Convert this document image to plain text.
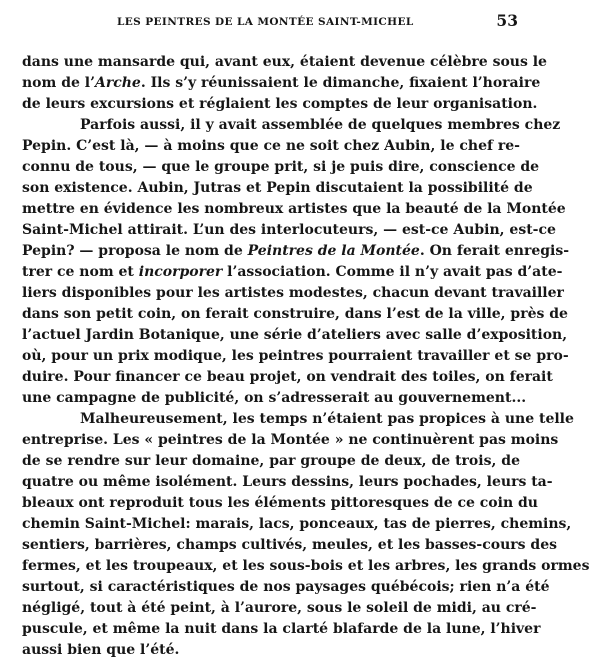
LES PEINTRES DE LA MONTÉE SAINT-MICHEL	53
dans une mansarde qui, avant eux, étaient devenue célèbre sous le
nom de l’Arche. Ils s’y réunissaient le dimanche, fixaient l’horaire
de leurs excursions et réglaient les comptes de leur organisation.
Parfois aussi, il y avait assemblée de quelques membres chez
Pepin. C’est là, — à moins que ce ne soit chez Aubin, le chef re-
connu de tous, — que le groupe prit, si je puis dire, conscience de
son existence. Aubin, Jutras et Pepin discutaient la possibilité de
mettre en évidence les nombreux artistes que la beauté de la Montée
Saint-Michel attirait. L’un des interlocuteurs, — est-ce Aubin, est-ce
Pepin? — proposa le nom de Peintres de la Montée. On ferait enregis-
trer ce nom et incorporer l’association. Comme il n’y avait pas d’ate-
liers disponibles pour les artistes modestes, chacun devant travailler
dans son petit coin, on ferait construire, dans l’est de la ville, près de
l’actuel Jardin Botanique, une série d’ateliers avec salle d’exposition,
où, pour un prix modique, les peintres pourraient travailler et se pro-
duire. Pour financer ce beau projet, on vendrait des toiles, on ferait
une campagne de publicité, on s’adresserait au gouvernement...
Malheureusement, les temps n’étaient pas propices à une telle
entreprise. Les « peintres de la Montée » ne continuèrent pas moins
de se rendre sur leur domaine, par groupe de deux, de trois, de
quatre ou même isolément. Leurs dessins, leurs pochades, leurs ta-
bleaux ont reproduit tous les éléments pittoresques de ce coin du
chemin Saint-Michel: marais, lacs, ponceaux, tas de pierres, chemins,
sentiers, barrières, champs cultivés, meules, et les basses-cours des
fermes, et les troupeaux, et les sous-bois et les arbres, les grands ormes
surtout, si caractéristiques de nos paysages québécois; rien n’a été
négligé, tout à été peint, à l’aurore, sous le soleil de midi, au cré-
puscule, et même la nuit dans la clarté blafarde de la lune, l’hiver
aussi bien que l’été.
